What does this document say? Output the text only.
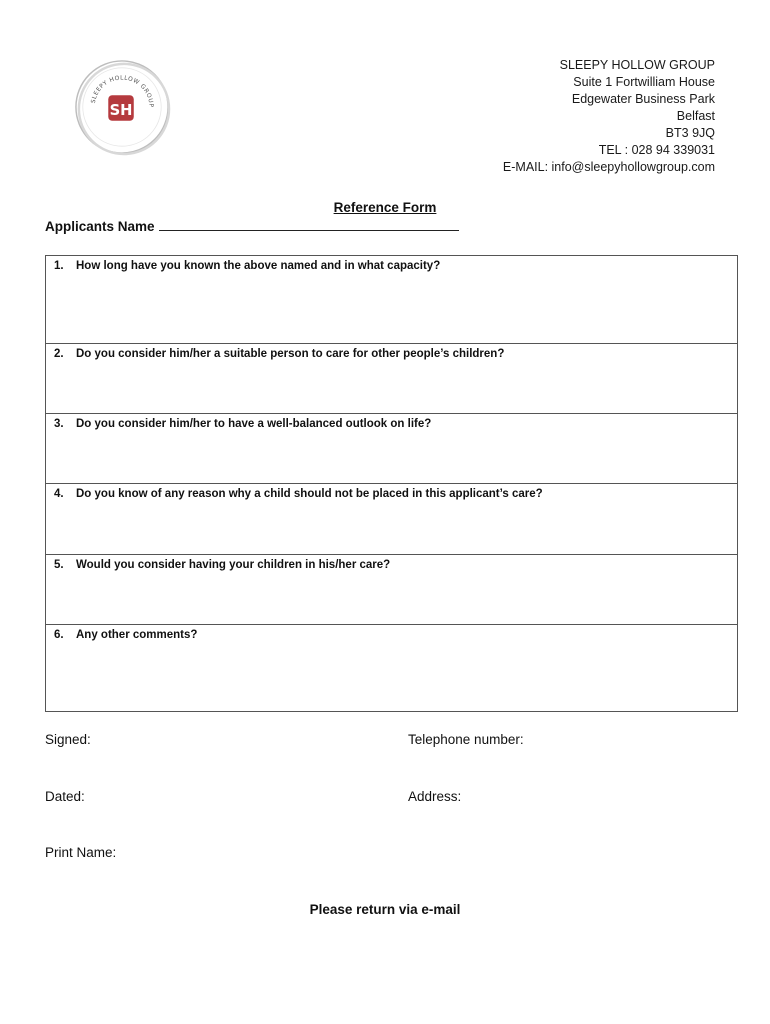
SLEEPY HOLLOW GROUP
SH
SLEEPY HOLLOW GROUP
Suite 1 Fortwilliam House
Edgewater Business Park
Belfast
BT3 9JQ
TEL : 028 94 339031
E-MAIL: info@sleepyhollowgroup.com
Reference Form
Applicants Name
1.	How long have you known the above named and in what capacity?
2.	Do you consider him/her a suitable person to care for other people’s children?
3.	Do you consider him/her to have a well-balanced outlook on life?
4.	Do you know of any reason why a child should not be placed in this applicant’s care?
5.	Would you consider having your children in his/her care?
6.	Any other comments?
Signed:	Telephone number:
Dated:	Address:
Print Name:
Please return via e-mail
